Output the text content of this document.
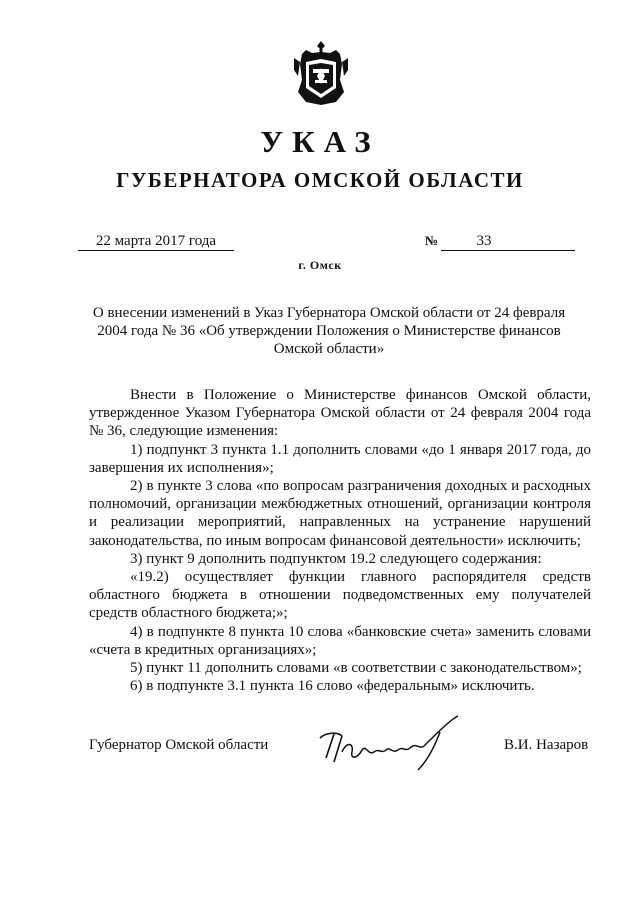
УКАЗ
ГУБЕРНАТОРА ОМСКОЙ ОБЛАСТИ
22 марта 2017 года	№	33
г. Омск
О внесении изменений в Указ Губернатора Омской области от 24 февраля 2004 года № 36 «Об утверждении Положения о Министерстве финансов Омской области»

Внести в Положение о Министерстве финансов Омской области, утвержденное Указом Губернатора Омской области от 24 февраля 2004 года № 36, следующие изменения:

1) подпункт 3 пункта 1.1 дополнить словами «до 1 января 2017 года, до завершения их исполнения»;

2) в пункте 3 слова «по вопросам разграничения доходных и расходных полномочий, организации межбюджетных отношений, организации контроля и реализации мероприятий, направленных на устранение нарушений законодательства, по иным вопросам финансовой деятельности» исключить;

3) пункт 9 дополнить подпунктом 19.2 следующего содержания:

«19.2) осуществляет функции главного распорядителя средств областного бюджета в отношении подведомственных ему получателей средств областного бюджета;»;

4) в подпункте 8 пункта 10 слова «банковские счета» заменить словами «счета в кредитных организациях»;

5) пункт 11 дополнить словами «в соответствии с законодательством»;

6) в подпункте 3.1 пункта 16 слово «федеральным» исключить.

Губернатор Омской области	В.И. Назаров
